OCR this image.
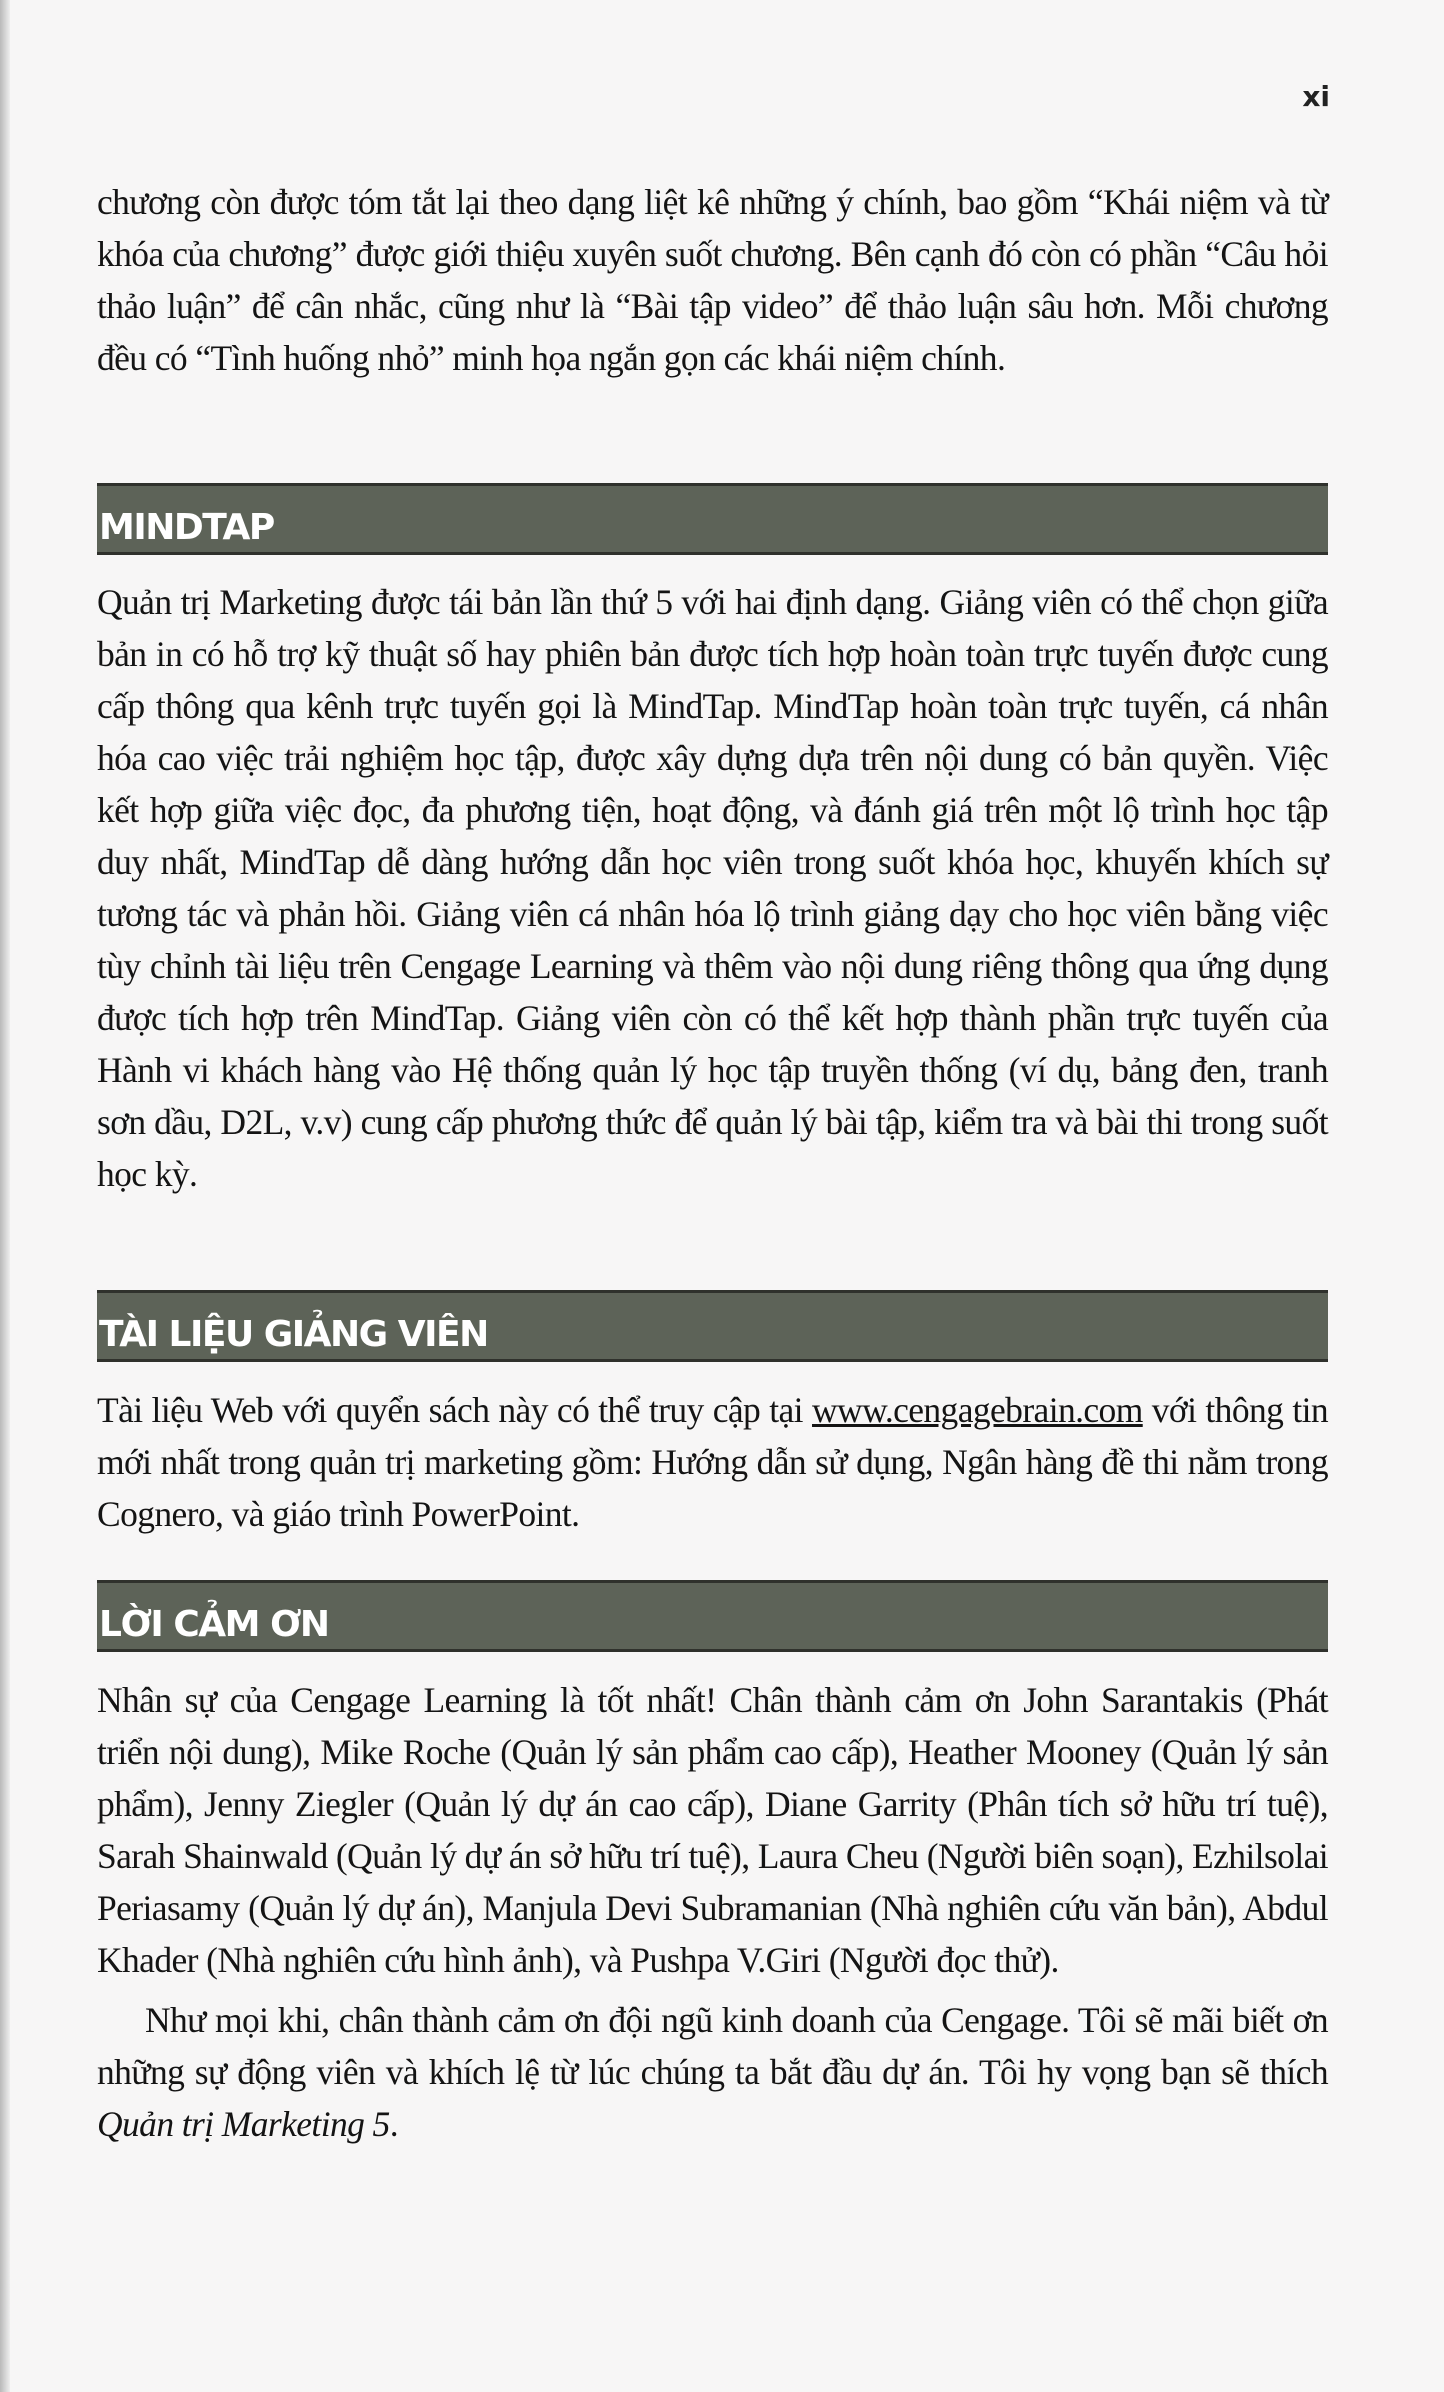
xi

chương còn được tóm tắt lại theo dạng liệt kê những ý chính, bao gồm “Khái niệm và từ khóa của chương” được giới thiệu xuyên suốt chương. Bên cạnh đó còn có phần “Câu hỏi thảo luận” để cân nhắc, cũng như là “Bài tập video” để thảo luận sâu hơn. Mỗi chương đều có “Tình huống nhỏ” minh họa ngắn gọn các khái niệm chính.

MINDTAP

Quản trị Marketing được tái bản lần thứ 5 với hai định dạng. Giảng viên có thể chọn giữa bản in có hỗ trợ kỹ thuật số hay phiên bản được tích hợp hoàn toàn trực tuyến được cung cấp thông qua kênh trực tuyến gọi là MindTap. MindTap hoàn toàn trực tuyến, cá nhân hóa cao việc trải nghiệm học tập, được xây dựng dựa trên nội dung có bản quyền. Việc kết hợp giữa việc đọc, đa phương tiện, hoạt động, và đánh giá trên một lộ trình học tập duy nhất, MindTap dễ dàng hướng dẫn học viên trong suốt khóa học, khuyến khích sự tương tác và phản hồi. Giảng viên cá nhân hóa lộ trình giảng dạy cho học viên bằng việc tùy chỉnh tài liệu trên Cengage Learning và thêm vào nội dung riêng thông qua ứng dụng được tích hợp trên MindTap. Giảng viên còn có thể kết hợp thành phần trực tuyến của Hành vi khách hàng vào Hệ thống quản lý học tập truyền thống (ví dụ, bảng đen, tranh sơn dầu, D2L, v.v) cung cấp phương thức để quản lý bài tập, kiểm tra và bài thi trong suốt học kỳ.

TÀI LIỆU GIẢNG VIÊN

Tài liệu Web với quyển sách này có thể truy cập tại www.cengagebrain.com với thông tin mới nhất trong quản trị marketing gồm: Hướng dẫn sử dụng, Ngân hàng đề thi nằm trong Cognero, và giáo trình PowerPoint.

LỜI CẢM ƠN

Nhân sự của Cengage Learning là tốt nhất! Chân thành cảm ơn John Sarantakis (Phát triển nội dung), Mike Roche (Quản lý sản phẩm cao cấp), Heather Mooney (Quản lý sản phẩm), Jenny Ziegler (Quản lý dự án cao cấp), Diane Garrity (Phân tích sở hữu trí tuệ), Sarah Shainwald (Quản lý dự án sở hữu trí tuệ), Laura Cheu (Người biên soạn), Ezhilsolai Periasamy (Quản lý dự án), Manjula Devi Subramanian (Nhà nghiên cứu văn bản), Abdul Khader (Nhà nghiên cứu hình ảnh), và Pushpa V.Giri (Người đọc thử).

Như mọi khi, chân thành cảm ơn đội ngũ kinh doanh của Cengage. Tôi sẽ mãi biết ơn những sự động viên và khích lệ từ lúc chúng ta bắt đầu dự án. Tôi hy vọng bạn sẽ thích Quản trị Marketing 5.
